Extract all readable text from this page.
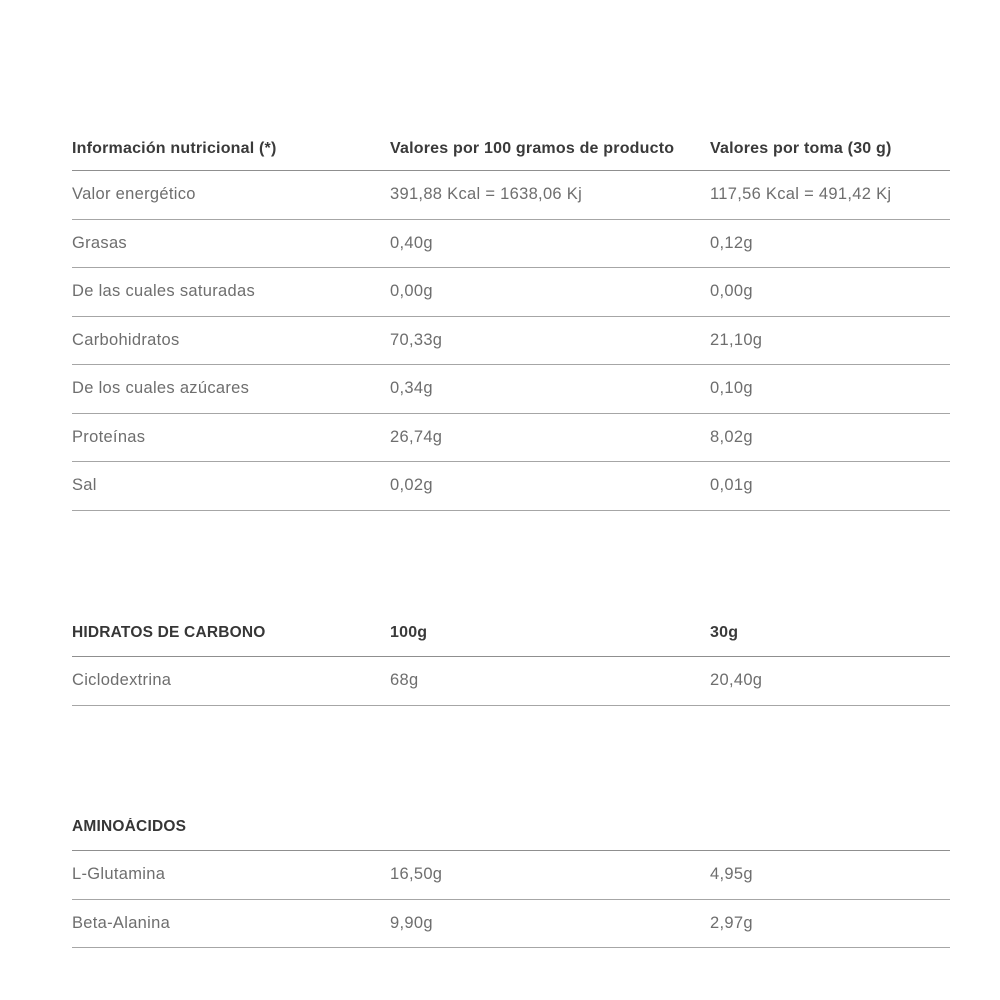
Información nutricional (*)	Valores por 100 gramos de producto	Valores por toma (30 g)
Valor energético	391,88 Kcal = 1638,06 Kj	117,56 Kcal = 491,42 Kj
Grasas	0,40g	0,12g
De las cuales saturadas	0,00g	0,00g
Carbohidratos	70,33g	21,10g
De los cuales azúcares	0,34g	0,10g
Proteínas	26,74g	8,02g
Sal	0,02g	0,01g
HIDRATOS DE CARBONO	100g	30g
Ciclodextrina	68g	20,40g
AMINOÁCIDOS
L-Glutamina	16,50g	4,95g
Beta-Alanina	9,90g	2,97g
